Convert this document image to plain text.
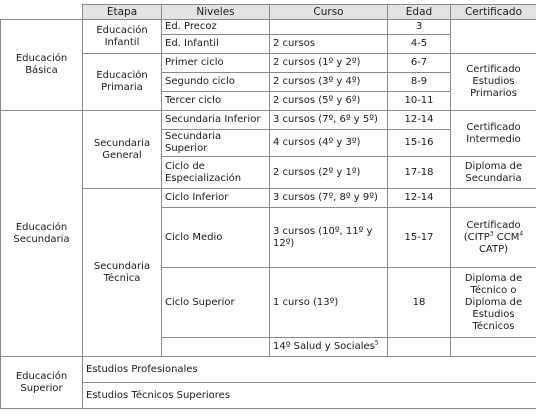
	Etapa	Niveles	Curso	Edad	Certificado
Educación Básica	Educación Infantil	Ed. Precoz		3	
		Ed. Infantil	2 cursos	4-5	
	Educación Primaria	Primer ciclo	2 cursos (1º y 2º)	6-7	Certificado Estudios Primarios
		Segundo ciclo	2 cursos (3º y 4º)	8-9	
		Tercer ciclo	2 cursos (5º y 6º)	10-11	
Educación Secundaria	Secundaria General	Secundaria Inferior	3 cursos (7º, 6º y 5º)	12-14	Certificado Intermedio
		Secundaria Superior	4 cursos (4º y 3º)	15-16	
		Ciclo de Especialización	2 cursos (2º y 1º)	17-18	Diploma de Secundaria
	Secundaria Técnica	Ciclo Inferior	3 cursos (7º, 8º y 9º)	12-14	
		Ciclo Medio	3 cursos (10º, 11º y 12º)	15-17	Certificado (CITP$^3$ CCM$^4$ CATP)
		Ciclo Superior	1 curso (13º)	18	Diploma de Técnico o Diploma de Estudios Técnicos
			14º Salud y Sociales$^5$		
Educación Superior	Estudios Profesionales				
	Estudios Técnicos Superiores				
